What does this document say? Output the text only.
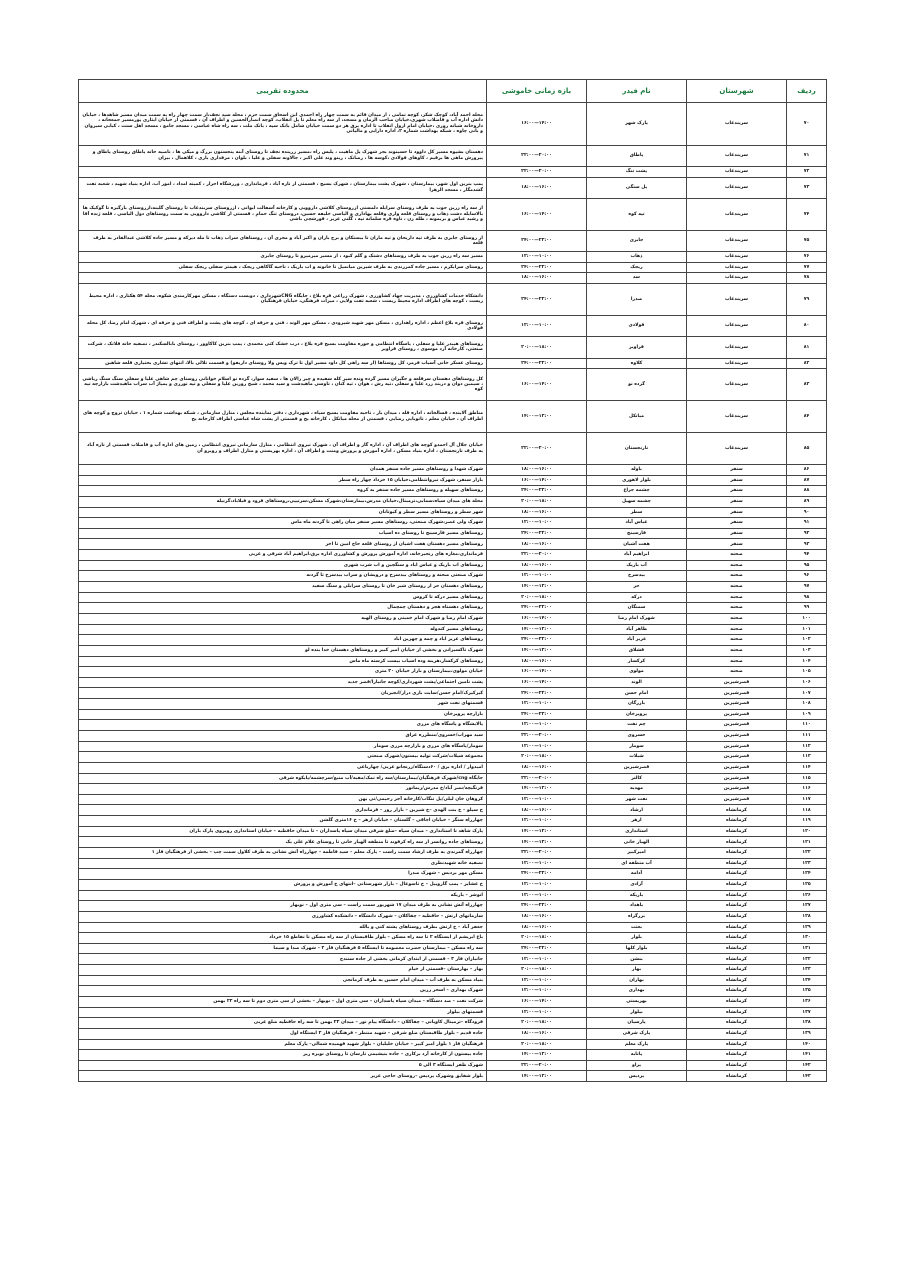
ردیف	شهرستان	نام فیدر	بازه زمانی خاموشی	محدوده تقریبی
۷۰	سربندغاب	پارک شهر	۱۴:۰۰—۱۶:۰۰	محله احمد آباد، کوچک شکر، کوچه تمامی ، از میدان قائم به سمت چهار راه احمدی ابن اسحاق سمت حرم ، محله سید نجف،از سمت چهار راه به سمت میدان مسیر شاهدها ، خیابان دانش اداره آب و فاضلاب شهری،خیابان صاحب الزمان و مسجد، از سه راه معلم تا پل انقلاب، کوچه انصارالحسین و اطراف آن ، قسمتی از خیابان ایثاری پورمسیر جمعخانه ، داروخانه شبانه روزی ،خیابان امام ازول انقلاب تا اداره برق هر دو سمت خیابان شامل بانک سپه ، بانک ملت ، سه راه شاه عباسی ، مسجد جامع ، مسجد اهل سنت ، کبابی سیروان و بانی چاوه ، شبکه بهداشت شماره ۲، اداره دارایی و مالیاتی
۷۱	سربندغاب	پاطاق	۲۰:۰۰—۲۲:۰۰	دهستان بشیوه مسیر کل داوود تا حسینوند بجز شهرک پل ماهیت ، پلیس راه ،مسیر زرینده نجف تا روستای آبنه پنجستون بزرگ و میکی ها ، ناصیه خانه پاطاق روستای پاطاق و پیرورش ماهی ها برقیم ، کاوهای فولادی ،کوسه ها ، رضانک ، زینو وند علی اکبر ، جالاونه سفلی و علیا ، بلوان ، مرفداری یاری ، کلاهمال ، بیران
۷۲	سربندغاب	پشت تنگ	۲۰:۰۰—۲۲:۰۰	
۷۳	سربندغاب	پل سنگی	۱۶:۰۰—۱۸:۰۰	پمپ بنزین اول شهر، بیمارستان ، شهرک پشت بیمارستان ، شهرک بسیج ، قسمتی از تازه آباد ، فرمانداری ، ورزشگاه احرار ، کمیته امداد ، امور آب، اداره بنیاد شهید ، شعبه تفت گشدمگار ، مسجد الزهرا
۷۴	سربندغاب	تپه کوه	۱۴:۰۰—۱۶:۰۰	از سه راه زرین جوب به طرف روستای سرابله دلمستی ازروستای کلاشی داروویی و کارخانه آسفالت ایوانی ، ازروستای سربندغاب تا روستای گلینه،ازروستای بازگیره تا گوکیک ها بالاسایله دشت ذهاب و روستای قلعه واری وقلعه بهاداری و الیاسی خلیفه حسین، دروستای تنگ حمام ، قسمتی از کلاشی داروویی به سمت روستاهای دول الیاسی ، قلعه ژنده آقا و رشید عباس و بربمونه ، طله زن ، ناوه قره سلمانه تپه ، گلنی عزیز ، قورشچی باشی
۷۵	سربندغاب	جابری	۲۲:۰۰—۲۴:۰۰	از روستای جابری به طرف تپه داریخان و تپه ماران تا بیستکان و برج باران و اکبر آباد و مجری آن ، روستاهای سراب ذهاب تا مله دیرکه و مسیر جاده کلاشی عبدالقادر به طرف قلعه
۷۶	سربندغاب	ذهاب	۱۰:۰۰—۱۲:۰۰	مسیر سه راه زرین جوب به طرف روستاهای دشتک و گلم کبود ، از مسیر میرمیرو تا روستای جابری
۷۷	سربندغاب	ریجک	۲۲:۰۰—۲۴:۰۰	روستای سرابکرم ، مسیر جاده کمرزندی به طرف شیرین میانمیل تا خانونه و اب بارپک ، ناحیه گاکاهی ریجک ، هیمتر سفلی ریجک سفلی
۷۸	سربندغاب	سد	۱۶:۰۰—۱۸:۰۰	
۷۹	سربندغاب	صدرا	۲۲:۰۰—۲۴:۰۰	دانشکاه خدمات کشاورزی ، مدیریت جهاد کشاورزی ، شهرک زراعی قره بلاغ ، جایگاه CNGشهرداری ، دویست دستگاه ، مسکن مهرکارمندی شکوه، محله ۵۴ هکتاری ، اداره محیط زیست ، کوچه های اطراف اداره محیط زیست ، شعبه تفت ولایی ، میراث فرهنگی، خیابان فرهنگیان
۸۰	سربندغاب	فولادی	۱۰:۰۰—۱۲:۰۰	روستای قره بلاغ اعظم ، اداره راهداری ، مسکن مهر شهید شیرودی ، مسکن مهر الوند ، فنی و حرفه ای ، کوچه های پشت و اطراف فنی و حرفه ای ، شهرک امام رضا، کل محله فولادی
۸۱	سربندغاب	قراویز	۱۸:۰۰—۲۰:۰۰	روستاهای هیبدر علیا و سفلی ، پاسگاه انتظامی و حوزه مقاومت بسیج قره بلاغ ، درب خشک کنی محمدی ، پمپ بنزین کاکاوور ، روستای بابالسکندر ، نصفیه خانه قلاتک ، شرکت صنعتی، کارخانه آرد موسوی ، روستای قراویز
۸۲	سربندغاب	کلاوه	۲۲:۰۰—۲۴:۰۰	روستای عسکر خانی آسیاب فرمز، کل روستاها (از سه راهی کل داود مسیر اول تا ترک ویس ولا روستای داریقو) و قسمت تلالی بالا، انتهای تشاری بختیاری قلعه شاهین
۸۳	سربندغاب	گرده نو	۱۴:۰۰—۱۶:۰۰	کل روستاهای دهستان سرقلعه و جگیران مسیر گرده ونده سیر کله سفیده و چیر زالان ها ، سفید سوار، گرده نو اسلام خوانانی روستای چم شاهی علیا و سفلی سنگ سنگ ریاشی ، سیمین دوان و دربند زرد علیا و سفلی ،تپه رش ، هوان ، تپه کنان ، تاوسی ماهیدشت و سید محمد ، شیخ روزین علیا و سفلی و تپه نورزی و پمپاژ آب سراب ماهیدشت بازارچه تپه کوه
۸۴	سربندغاب	میانکل	۱۲:۰۰—۱۴:۰۰	مناطق آلاینده ، قسالخانه ، اداره قله ، میدان بار ، ناحیه مقاومت بسیج سپاه ، شهرداری ، دفتر نماینده مجلس ، منازل سازمانی ، شبکه بهداشت شماره ۱ ، خیابان تروچ و کوچه های اطراف آن ، خیابان معلم ، تاتوبایی رضایی ، قسمتی از محله میانکل ، کارخانه یخ و قسمتی از پشت شاه عباسی اطراف کارخانه یخ
۸۵	سربندغاب	نارنجستان	۲۰:۰۰—۲۲:۰۰	خیابان جلال آل احمدو کوچه های اطراف آن ، اداره گاز و اطراف آن ، شهرک نیروی انتظامی ، منازل سازمانی نیروی انتظامی ، زمین های اداره آب و فاضلاب قسمتی از تازه آباد به طرف نارنجستان ، اداره بنیاد مسکن ، اداره آموزش و پرورش ومنت و اطراف آن ، اداره بهزیستی و منازل اطراف و روبرو آن
۸۶	سنقر	باوله	۱۶:۰۰—۱۸:۰۰	شهرک شهدا و روستاهای مسیر جاده سنقر همدان
۸۷	سنقر	بلوار لاهوری	۱۴:۰۰—۱۶:۰۰	بازار سنقر، شهرک نیروانتظامی،خیابان ۱۵ خرداد چهار راه سطر
۸۸	سنقر	چشمه جراغ	۲۲:۰۰—۲۴:۰۰	روستاهای سهیله و روستاهای مسیر جاده سنقر به کروه
۸۹	سنقر	چشمه سهیل	۱۸:۰۰—۲۰:۰۰	محله های میدان سپاه،سمایی،ترمینال،خیابان مدرس،بیمارستان،شهرک مسکن،سرتیپی،روستاهای فرود و فیلاباد،گرنیله
۹۰	سنقر	سطر	۱۶:۰۰—۱۸:۰۰	شهر سطر و روستاهای مسیر سطر و کیوتانان
۹۱	سنقر	عباس آباد	۱۰:۰۰—۱۲:۰۰	شهرک ولی عصر،شهرک صنعتی، روستاهای مسیر سنقر میان راهی تا گردنه ماه ماس
۹۲	سنقر	فارسینج	۲۲:۰۰—۲۴:۰۰	روستاهای مسیر فارسینج تا روستای ده اسپاب
۹۳	سنقر	هفت آشیان	۱۶:۰۰—۱۸:۰۰	روستاهای مسیر دهستان هفت اشیان از روستای قلعه حاج امین تا اخر
۹۴	صحنه	ابراهیم آباد	۲۰:۰۰—۲۲:۰۰	فرمانداری،مغازه های زنجیرخانه، اداره آموزش پرورش و کشاورزی اداره برق،ابراهیم آباد شرقی و غربی
۹۵	صحنه	آب باریک	۱۶:۰۰—۱۸:۰۰	روستاهای اب باریک و عباس اباد و سنگچین و اب شرب شهری
۹۶	صحنه	بیدسرخ	۱۰:۰۰—۱۲:۰۰	شهرک صنعتی صحنه و روستاهای بیدسرخ و درویشان و سراب بیدسرخ تا گردنه
۹۷	صحنه	حر	۱۲:۰۰—۱۴:۰۰	روستاهای دهستان حر از روستای شیر خان تا روستای سرابلی و سنگ سفید
۹۸	صحنه	درکه	۱۸:۰۰—۲۰:۰۰	روستاهای مسیر درکه تا کروس
۹۹	صحنه	سمنگان	۲۲:۰۰—۲۴:۰۰	روستاهای دهستاه هجر و دهستان چمچمال
۱۰۰	صحنه	شهرک امام رضا	۱۴:۰۰—۱۶:۰۰	شهرک امام رضا و شهرک امام خمینی و روستای الهیه
۱۰۱	صحنه	طاهر آباد	۱۲:۰۰—۱۴:۰۰	روستاهای مسیر کندوله
۱۰۲	صحنه	عزیز آباد	۲۲:۰۰—۲۴:۰۰	روستاهای عزیز اباد و چمه و چهرین اباد
۱۰۳	صحنه	قشلاق	۱۲:۰۰—۱۴:۰۰	شهرک تاکسیرانی و بخشی از خیابان امیر کبیر و روستاهای دهستان خدا بنده لو
۱۰۴	صحنه	کرکسار	۱۶:۰۰—۱۸:۰۰	روستاهای کرکسار،هرینه وده اسیاب بیست کرسته ماه ماس
۱۰۵	صحنه	مولوی	۱۴:۰۰—۱۶:۰۰	خیابان مولوی،بیمارستان و بازار خیابان ۲۰ متری
۱۰۶	قصرشیرین	الوند	۱۴:۰۰—۱۶:۰۰	پشت تامین اجتماعی/پشت شهرداری/کوچه جانبازا/قصر جدید
۱۰۷	قصرشیرین	امام حسن	۲۲:۰۰—۲۴:۰۰	کیرکیرک/امام حسن/سایت بازی دراز/انجیربان
۱۰۸	قصرشیرین	بازرگان	۱۰:۰۰—۱۲:۰۰	قسمتهای نفت شهر
۱۰۹	قصرشیرین	پرویزخان	۲۲:۰۰—۲۴:۰۰	بازارچه پرویزخان
۱۱۰	قصرشیرین	چم نفت	۱۰:۰۰—۱۲:۰۰	پالایشگاه و پاسگاه های مرزی
۱۱۱	قصرشیرین	خسروی	۲۰:۰۰—۲۲:۰۰	سید مهراب/خسروی/منطزره عراق
۱۱۲	قصرشیرین	سومار	۱۰:۰۰—۱۲:۰۰	سومار/پاسگاه های مرزی و بازارچه مرزی سومار
۱۱۳	قصرشیرین	شیلات	۱۸:۰۰—۲۰:۰۰	مجموعه شیلات/شرکت تولیه بیستون/شهرک صنعتی
۱۱۴	قصرشیرین	قصرشیرین	۱۶:۰۰—۱۸:۰۰	امیدوار / اداره برق / ۶۰دستگاه/زرنجانو غربی/ چهارباغی
۱۱۵	قصرشیرین	کالتر	۲۰:۰۰—۲۲:۰۰	جایگاه cng/شهرک فرهنگیان/بیمارستان/سه راه نمک/مقبه/آب منبع/سرچشمه/پایکوه شرقی
۱۱۶	قصرشیرین	مهدیه	۱۲:۰۰—۱۴:۰۰	فرنگیچه/نصر آباد/خ مدرس/زیمانور
۱۱۷	قصرشیرین	نفت شهر	۱۰:۰۰—۱۲:۰۰	کروهان خان لیلی/پل تنگاب/کارخانه آجر رحیمی/تی یهن
۱۱۸	کرمانشاه	ارشاد	۱۶:۰۰—۱۸:۰۰	خ سیلو – خ بنت الهدی –خ شیرین – بازار روز – فرمانداری
۱۱۹	کرمانشاه	ازهر	۱۰:۰۰—۱۲:۰۰	چهارراه سنگر – خیابان اجاقی – گلستان – خیابان ازهر – خ ۱۶متری گلشن
۱۲۰	کرمانشاه	استانداری	۱۲:۰۰—۱۴:۰۰	پارک شاهد تا استانداری – میدان سپاه –ضلع شرقی میدان سپاه پاسداران – تا میدان حافظیه – خیابان استانداری روبروی پارک باران
۱۲۱	کرمانشاه	الهیار خانی	۱۲:۰۰—۱۴:۰۰	روستاهای جاده روانسر از سه راه کرفوند تا منطقه الهیار خانی تا روستای غلام علی یک
۱۲۲	کرمانشاه	امیرکبیر	۲۰:۰۰—۲۲:۰۰	چهارراه گمرندی به طرف ارشاد سمت راست – پارک معلم – سید فاطمه – چهارراه آتش نشانی به طرف کلاول سمت چپ – بخشی از فرهنگیان فاز ۱
۱۲۳	کرمانشاه	آب منطقه ای	۱۰:۰۰—۱۲:۰۰	نصفیه خانه شهیدنظری
۱۲۴	کرمانشاه	آدامه	۲۲:۰۰—۲۴:۰۰	مسکن مهر بردیس – شهرک صدرا
۱۲۵	کرمانشاه	آزادی	۱۰:۰۰—۱۲:۰۰	خ عشایر – پمپ گازوییل – خ تاسوعال – بازار شهرستانی –انتهای خ آموزش و پرورش
۱۲۶	کرمانشاه	باریکه	۱۰:۰۰—۱۲:۰۰	انوشر – باریکه
۱۲۷	کرمانشاه	باهداد	۲۲:۰۰—۲۴:۰۰	چهارراه آتش نشانی به طرف میدان ۱۷ شهریور سمت راست – سی متری اول – نوبهار
۱۲۸	کرمانشاه	بزرگراه	۱۶:۰۰—۱۸:۰۰	سازمانهای ارتش – حافظیه – چقاکلان – شهرک دانشگاه – دانشکده کشاورزی
۱۲۹	کرمانشاه	بعثت	۱۶:۰۰—۱۸:۰۰	جعفر آباد – خ ارتش بطرف روستاهای پشته کنی و بالله
۱۳۰	کرمانشاه	بلوار	۱۸:۰۰—۲۰:۰۰	باغ ابریشم از ایستگاه ۲ تا سه راه مسکن – بلوار طاقبستان از سه راه مسکن تا تقاطع ۱۵ خرداد
۱۳۱	کرمانشاه	بلوار کلها	۲۲:۰۰—۲۴:۰۰	سه راه مسکن – بیمارستان حضرت معصومه تا ایستگاه ۵ فرهنگیان فاز ۲ – شهرک صدا و سیما
۱۳۲	کرمانشاه	بنشن	۱۰:۰۰—۱۲:۰۰	جانبازان فاز ۳ – قسمتی از ابتدای کرمانی بخشی از جاده سنندج
۱۳۳	کرمانشاه	بهار	۱۸:۰۰—۲۰:۰۰	بهار – بهارستان –قسمتی از خیام
۱۳۴	کرمانشاه	بهاران	۱۰:۰۰—۱۲:۰۰	بنیاد مسکن به طرف آب – میدان امام حسین به طرف کرمانجی
۱۳۵	کرمانشاه	بهداری	۱۰:۰۰—۱۲:۰۰	شهرک بهداری – اسحر زرین
۱۳۶	کرمانشاه	بهزیستی	۱۴:۰۰—۱۶:۰۰	شرکت نفت – صد دستگاه – میدان سپاه پاسداران – سی متری اول – نوبهار – بخشی از سی متری دوم تا سه راه ۲۲ بهمن
۱۳۷	کرمانشاه	بیلوار	۱۰:۰۰—۱۲:۰۰	قسمتهای بیلوار
۱۳۸	کرمانشاه	پارسیان	۱۸:۰۰—۲۰:۰۰	فرودگاه –ترمینال کاویانی – چقاکلان – دانشگاه پیام نور – میدان ۲۲ بهمن تا سه راه حافظیه ضلع غربی
۱۳۹	کرمانشاه	پارک شرقی	۱۶:۰۰—۱۸:۰۰	جاده قدیم – بلوار طاقبستان ضلع شرقی – شهید منتظر – فرهنگیان فاز ۲ ایستگاه اول
۱۴۰	کرمانشاه	پارک معلم	۱۸:۰۰—۲۰:۰۰	فرهنگیان فاز ۱ بلوار امیر کبیر – خیابان خلیلیان – بلوار شهید فهمیده شمالی– پارک معلم
۱۴۱	کرمانشاه	پاتابه	۱۲:۰۰—۱۴:۰۰	جاده بیستون از کارخانه آرد برکاری – جاده بنیشیمی تارسان تا روستای نوبره ریز
۱۴۲	کرمانشاه	پراو	۲۰:۰۰—۲۲:۰۰	شهرک ظفر ایستگاه ۳ الی ۵
۱۴۳	کرمانشاه	پردیس	۱۲:۰۰—۱۴:۰۰	بلوار شقایق وشهرک پردیس –روستای حاجی عزیز
